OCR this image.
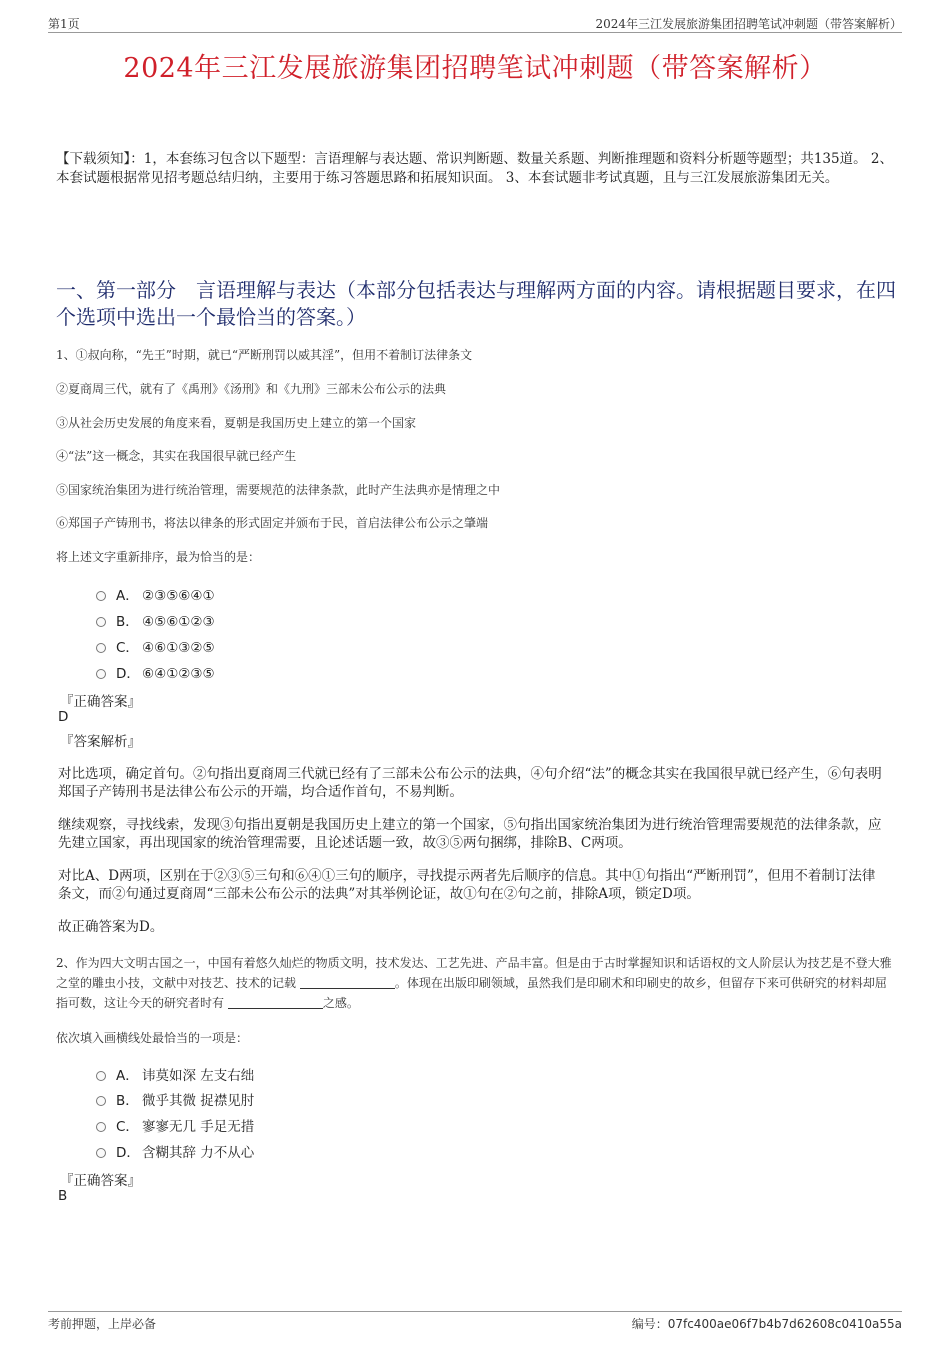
第1页	2024年三江发展旅游集团招聘笔试冲刺题（带答案解析）
2024年三江发展旅游集团招聘笔试冲刺题（带答案解析）
【下载须知】：1，本套练习包含以下题型：言语理解与表达题、常识判断题、数量关系题、判断推理题和资料分析题等题型；共135道。 2、本套试题根据常见招考题总结归纳，主要用于练习答题思路和拓展知识面。 3、本套试题非考试真题，且与三江发展旅游集团无关。
一、第一部分　言语理解与表达（本部分包括表达与理解两方面的内容。请根据题目要求，在四个选项中选出一个最恰当的答案。）
1、①叔向称，“先王”时期，就已“严断刑罚以威其淫”，但用不着制订法律条文
②夏商周三代，就有了《禹刑》《汤刑》和《九刑》三部未公布公示的法典
③从社会历史发展的角度来看，夏朝是我国历史上建立的第一个国家
④“法”这一概念，其实在我国很早就已经产生
⑤国家统治集团为进行统治管理，需要规范的法律条款，此时产生法典亦是情理之中
⑥郑国子产铸刑书，将法以律条的形式固定并颁布于民，首启法律公布公示之肇端
将上述文字重新排序，最为恰当的是：
A． ②③⑤⑥④①
B． ④⑤⑥①②③
C． ④⑥①③②⑤
D． ⑥④①②③⑤
『正确答案』
D
『答案解析』
对比选项，确定首句。②句指出夏商周三代就已经有了三部未公布公示的法典，④句介绍“法”的概念其实在我国很早就已经产生，⑥句表明郑国子产铸刑书是法律公布公示的开端，均合适作首句，不易判断。
继续观察，寻找线索，发现③句指出夏朝是我国历史上建立的第一个国家，⑤句指出国家统治集团为进行统治管理需要规范的法律条款，应先建立国家，再出现国家的统治管理需要，且论述话题一致，故③⑤两句捆绑，排除B、C两项。
对比A、D两项，区别在于②③⑤三句和⑥④①三句的顺序，寻找提示两者先后顺序的信息。其中①句指出“严断刑罚”，但用不着制订法律条文，而②句通过夏商周“三部未公布公示的法典”对其举例论证，故①句在②句之前，排除A项，锁定D项。
故正确答案为D。
2、作为四大文明古国之一，中国有着悠久灿烂的物质文明，技术发达、工艺先进、产品丰富。但是由于古时掌握知识和话语权的文人阶层认为技艺是不登大雅之堂的雕虫小技，文献中对技艺、技术的记载	。体现在出版印刷领域，虽然我们是印刷术和印刷史的故乡，但留存下来可供研究的材料却屈指可数，这让今天的研究者时有	之感。
依次填入画横线处最恰当的一项是：
A． 讳莫如深 左支右绌
B． 微乎其微 捉襟见肘
C． 寥寥无几 手足无措
D． 含糊其辞 力不从心
『正确答案』
B
考前押题，上岸必备	编号：07fc400ae06f7b4b7d62608c0410a55a
